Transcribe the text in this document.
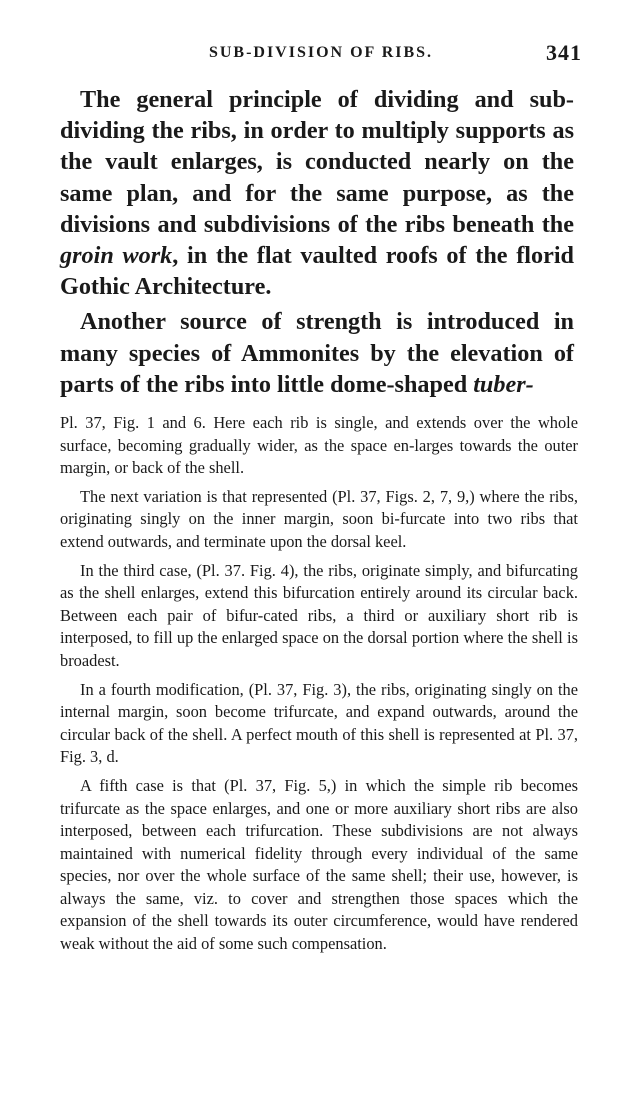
SUB-DIVISION OF RIBS.	341

The general principle of dividing and sub-dividing the ribs, in order to multiply supports as the vault enlarges, is conducted nearly on the same plan, and for the same purpose, as the divisions and subdivisions of the ribs beneath the groin work, in the flat vaulted roofs of the florid Gothic Architecture.

Another source of strength is introduced in many species of Ammonites by the elevation of parts of the ribs into little dome-shaped tuber-

Pl. 37, Fig. 1 and 6. Here each rib is single, and extends over the whole surface, becoming gradually wider, as the space en-larges towards the outer margin, or back of the shell.

The next variation is that represented (Pl. 37, Figs. 2, 7, 9,) where the ribs, originating singly on the inner margin, soon bi-furcate into two ribs that extend outwards, and terminate upon the dorsal keel.

In the third case, (Pl. 37. Fig. 4), the ribs, originate simply, and bifurcating as the shell enlarges, extend this bifurcation entirely around its circular back. Between each pair of bifur-cated ribs, a third or auxiliary short rib is interposed, to fill up the enlarged space on the dorsal portion where the shell is broadest.

In a fourth modification, (Pl. 37, Fig. 3), the ribs, originating singly on the internal margin, soon become trifurcate, and expand outwards, around the circular back of the shell. A perfect mouth of this shell is represented at Pl. 37, Fig. 3, d.

A fifth case is that (Pl. 37, Fig. 5,) in which the simple rib becomes trifurcate as the space enlarges, and one or more auxiliary short ribs are also interposed, between each trifurcation. These subdivisions are not always maintained with numerical fidelity through every individual of the same species, nor over the whole surface of the same shell; their use, however, is always the same, viz. to cover and strengthen those spaces which the expansion of the shell towards its outer circumference, would have rendered weak without the aid of some such compensation.
